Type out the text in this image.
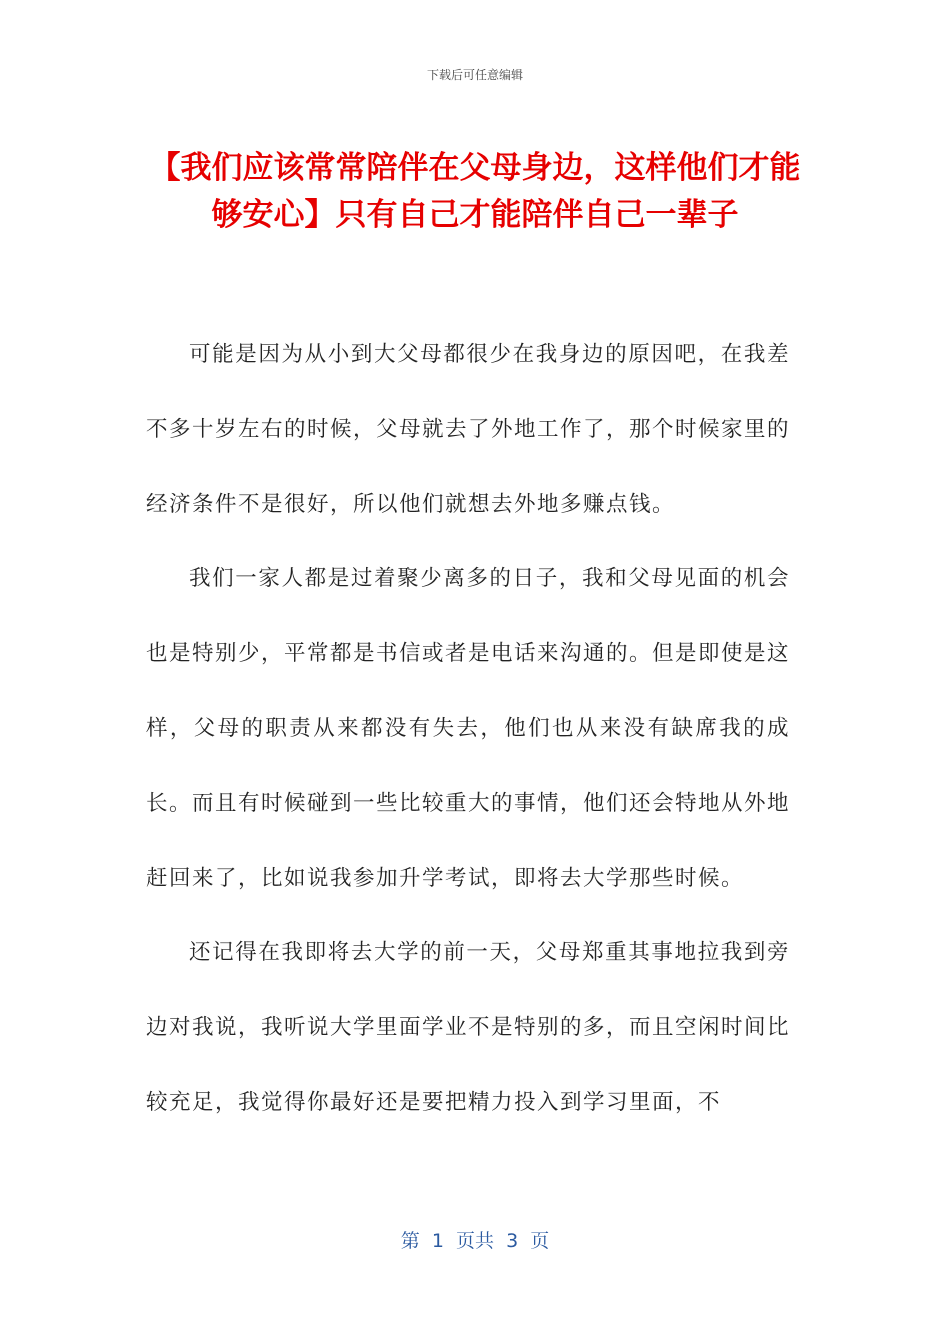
下载后可任意编辑
【我们应该常常陪伴在父母身边，这样他们才能够安心】只有自己才能陪伴自己一辈子

可能是因为从小到大父母都很少在我身边的原因吧，在我差不多十岁左右的时候，父母就去了外地工作了，那个时候家里的经济条件不是很好，所以他们就想去外地多赚点钱。

我们一家人都是过着聚少离多的日子，我和父母见面的机会也是特别少，平常都是书信或者是电话来沟通的。但是即使是这样，父母的职责从来都没有失去，他们也从来没有缺席我的成长。而且有时候碰到一些比较重大的事情，他们还会特地从外地赶回来了，比如说我参加升学考试，即将去大学那些时候。

还记得在我即将去大学的前一天，父母郑重其事地拉我到旁边对我说，我听说大学里面学业不是特别的多，而且空闲时间比较充足，我觉得你最好还是要把精力投入到学习里面，不

第  1  页共  3  页
